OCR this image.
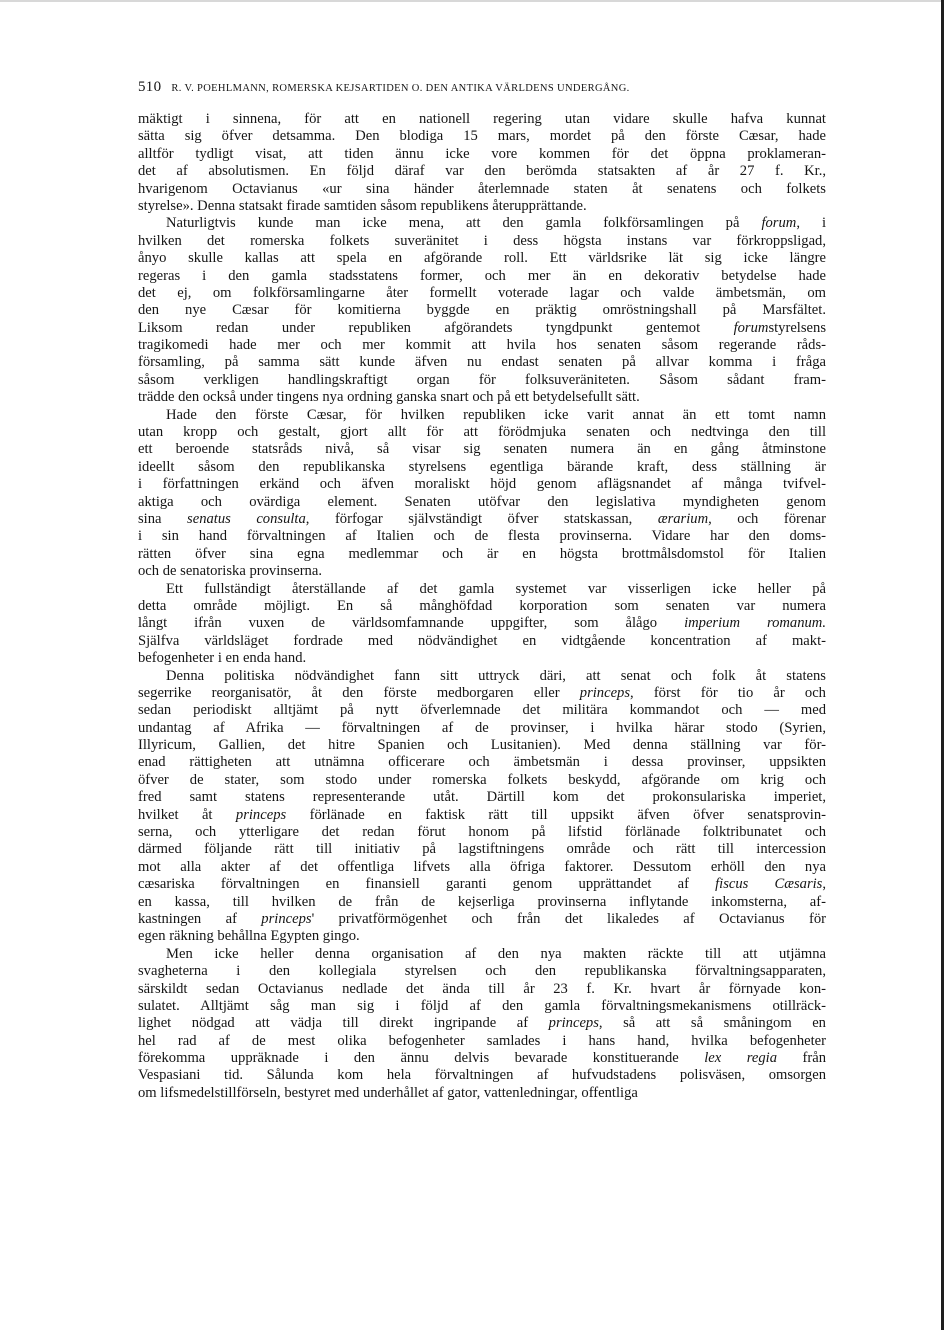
510 R. V. POEHLMANN, ROMERSKA KEJSARTIDEN O. DEN ANTIKA VÄRLDENS UNDERGÅNG.
mäktigt i sinnena, för att en nationell regering utan vidare skulle hafva kunnat
sätta sig öfver detsamma. Den blodiga 15 mars, mordet på den förste Cæsar, hade
alltför tydligt visat, att tiden ännu icke vore kommen för det öppna proklameran-
det af absolutismen. En följd däraf var den berömda statsakten af år 27 f. Kr.,
hvarigenom Octavianus «ur sina händer återlemnade staten åt senatens och folkets
styrelse». Denna statsakt firade samtiden såsom republikens återupprättande.
Naturligtvis kunde man icke mena, att den gamla folkförsamlingen på forum, i
hvilken det romerska folkets suveränitet i dess högsta instans var förkroppsligad,
ånyo skulle kallas att spela en afgörande roll. Ett världsrike lät sig icke längre
regeras i den gamla stadsstatens former, och mer än en dekorativ betydelse hade
det ej, om folkförsamlingarne åter formellt voterade lagar och valde ämbetsmän, om
den nye Cæsar för komitierna byggde en präktig omröstningshall på Marsfältet.
Liksom redan under republiken afgörandets tyngdpunkt gentemot forumstyrelsens
tragikomedi hade mer och mer kommit att hvila hos senaten såsom regerande råds-
församling, på samma sätt kunde äfven nu endast senaten på allvar komma i fråga
såsom verkligen handlingskraftigt organ för folksuveräniteten. Såsom sådant fram-
trädde den också under tingens nya ordning ganska snart och på ett betydelsefullt sätt.
Hade den förste Cæsar, för hvilken republiken icke varit annat än ett tomt namn
utan kropp och gestalt, gjort allt för att förödmjuka senaten och nedtvinga den till
ett beroende statsråds nivå, så visar sig senaten numera än en gång åtminstone
ideellt såsom den republikanska styrelsens egentliga bärande kraft, dess ställning är
i författningen erkänd och äfven moraliskt höjd genom aflägsnandet af många tvifvel-
aktiga och ovärdiga element. Senaten utöfvar den legislativa myndigheten genom
sina senatus consulta, förfogar självständigt öfver statskassan, ærarium, och förenar
i sin hand förvaltningen af Italien och de flesta provinserna. Vidare har den doms-
rätten öfver sina egna medlemmar och är en högsta brottmålsdomstol för Italien
och de senatoriska provinserna.
Ett fullständigt återställande af det gamla systemet var visserligen icke heller på
detta område möjligt. En så månghöfdad korporation som senaten var numera
långt ifrån vuxen de världsomfamnande uppgifter, som ålågo imperium romanum.
Själfva världsläget fordrade med nödvändighet en vidtgående koncentration af makt-
befogenheter i en enda hand.
Denna politiska nödvändighet fann sitt uttryck däri, att senat och folk åt statens
segerrike reorganisatör, åt den förste medborgaren eller princeps, först för tio år och
sedan periodiskt alltjämt på nytt öfverlemnade det militära kommandot och — med
undantag af Afrika — förvaltningen af de provinser, i hvilka härar stodo (Syrien,
Illyricum, Gallien, det hitre Spanien och Lusitanien). Med denna ställning var för-
enad rättigheten att utnämna officerare och ämbetsmän i dessa provinser, uppsikten
öfver de stater, som stodo under romerska folkets beskydd, afgörande om krig och
fred samt statens representerande utåt. Därtill kom det prokonsulariska imperiet,
hvilket åt princeps förlänade en faktisk rätt till uppsikt äfven öfver senatsprovin-
serna, och ytterligare det redan förut honom på lifstid förlänade folktribunatet och
därmed följande rätt till initiativ på lagstiftningens område och rätt till intercession
mot alla akter af det offentliga lifvets alla öfriga faktorer. Dessutom erhöll den nya
cæsariska förvaltningen en finansiell garanti genom upprättandet af fiscus Cæsaris,
en kassa, till hvilken de från de kejserliga provinserna inflytande inkomsterna, af-
kastningen af princeps' privatförmögenhet och från det likaledes af Octavianus för
egen räkning behållna Egypten gingo.
Men icke heller denna organisation af den nya makten räckte till att utjämna
svagheterna i den kollegiala styrelsen och den republikanska förvaltningsapparaten,
särskildt sedan Octavianus nedlade det ända till år 23 f. Kr. hvart år förnyade kon-
sulatet. Alltjämt såg man sig i följd af den gamla förvaltningsmekanismens otillräck-
lighet nödgad att vädja till direkt ingripande af princeps, så att så småningom en
hel rad af de mest olika befogenheter samlades i hans hand, hvilka befogenheter
förekomma uppräknade i den ännu delvis bevarade konstituerande lex regia från
Vespasiani tid. Sålunda kom hela förvaltningen af hufvudstadens polisväsen, omsorgen
om lifsmedelstillförseln, bestyret med underhållet af gator, vattenledningar, offentliga
